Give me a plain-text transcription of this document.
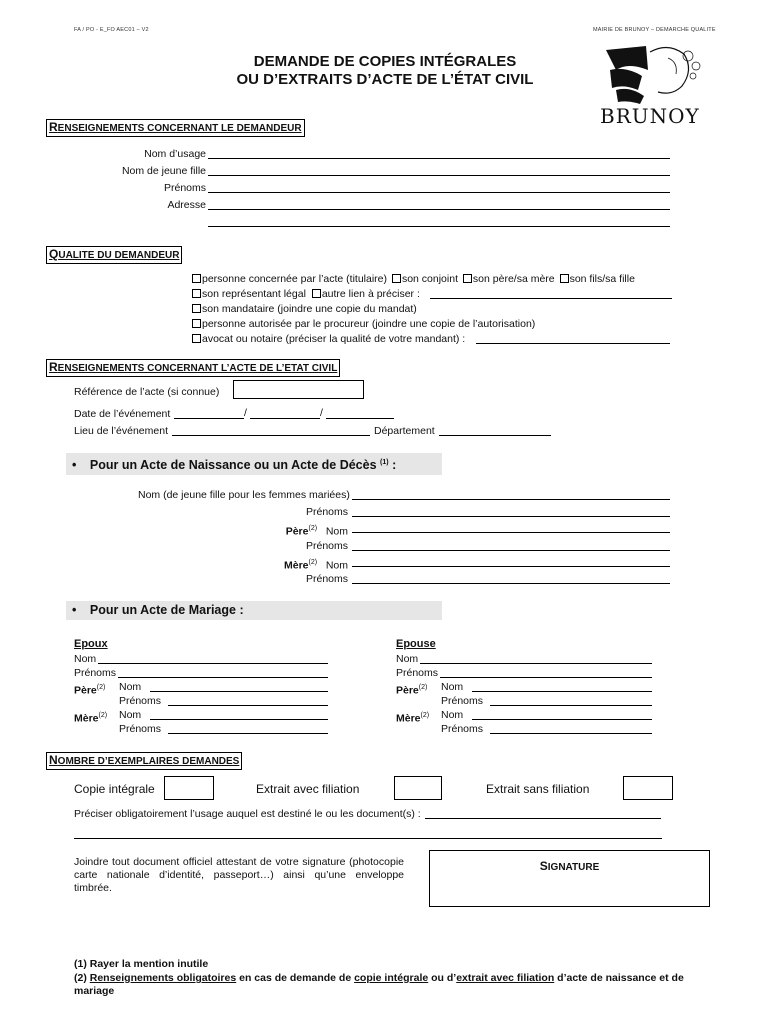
FA / PO - E_FO AEC01 – V2	MAIRIE DE BRUNOY – DEMARCHE QUALITE
DEMANDE DE COPIES INTÉGRALES
OU D’EXTRAITS D’ACTE DE L’ÉTAT CIVIL
BRUNOY
RENSEIGNEMENTS CONCERNANT LE DEMANDEUR
Nom d’usage
Nom de jeune fille
Prénoms
Adresse
QUALITE DU DEMANDEUR
personne concernée par l’acte (titulaire) son conjoint son père/sa mère son fils/sa fille
son représentant légal autre lien à préciser :
son mandataire (joindre une copie du mandat)
personne autorisée par le procureur (joindre une copie de l’autorisation)
avocat ou notaire (préciser la qualité de votre mandant) :
RENSEIGNEMENTS CONCERNANT L’ACTE DE L’ETAT CIVIL
Référence de l’acte (si connue)
Date de l’événement	/	/
Lieu de l’événement	Département
• Pour un Acte de Naissance ou un Acte de Décès $^{(1)}$ :
Nom (de jeune fille pour les femmes mariées)
Prénoms
Père$^{(2)}$ Nom
Prénoms
Mère$^{(2)}$ Nom
Prénoms
• Pour un Acte de Mariage :
Epoux
Nom
Prénoms
Père$^{(2)}$ Nom
Prénoms
Mère$^{(2)}$ Nom
Prénoms
Epouse
Nom
Prénoms
Père$^{(2)}$ Nom
Prénoms
Mère$^{(2)}$ Nom
Prénoms
NOMBRE D’EXEMPLAIRES DEMANDES
Copie intégrale	Extrait avec filiation	Extrait sans filiation
Préciser obligatoirement l’usage auquel est destiné le ou les document(s) :
Joindre tout document officiel attestant de votre signature (photocopie carte nationale d’identité, passeport…) ainsi qu’une enveloppe timbrée.
SIGNATURE
(1) Rayer la mention inutile
(2) Renseignements obligatoires en cas de demande de copie intégrale ou d’extrait avec filiation d’acte de naissance et de mariage
